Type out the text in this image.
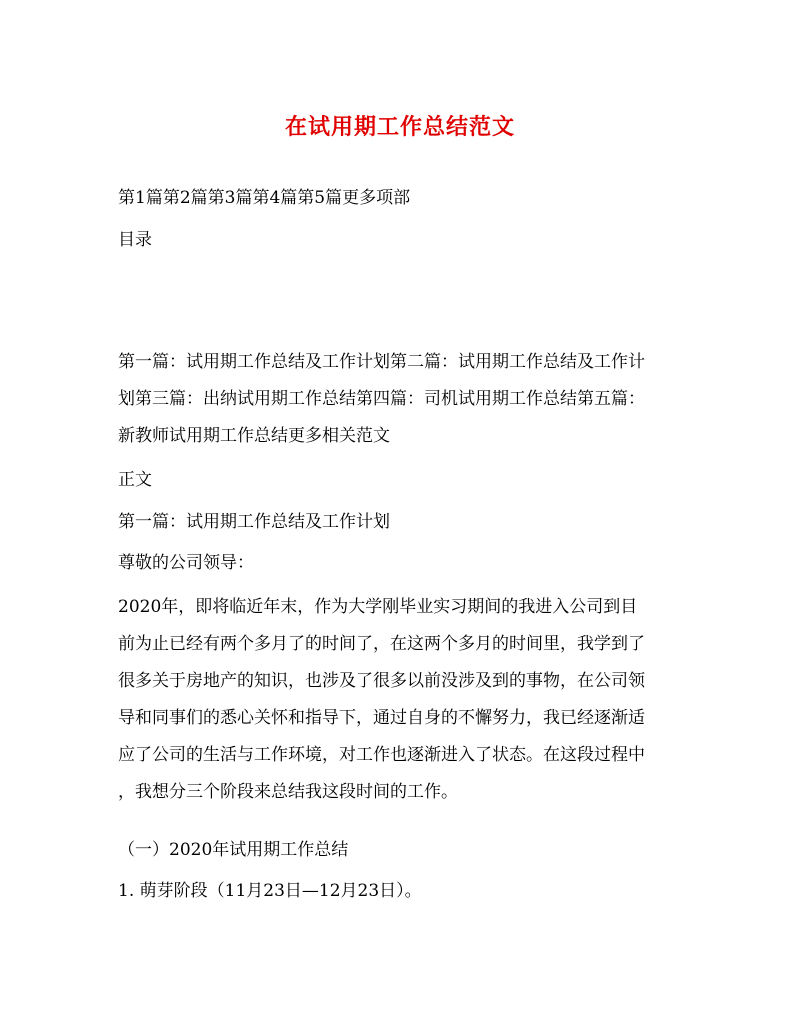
在试用期工作总结范文
第1篇第2篇第3篇第4篇第5篇更多项部
目录
第一篇：试用期工作总结及工作计划第二篇：试用期工作总结及工作计
划第三篇：出纳试用期工作总结第四篇：司机试用期工作总结第五篇：
新教师试用期工作总结更多相关范文
正文
第一篇：试用期工作总结及工作计划
尊敬的公司领导：
2020年，即将临近年末，作为大学刚毕业实习期间的我进入公司到目
前为止已经有两个多月了的时间了，在这两个多月的时间里，我学到了
很多关于房地产的知识，也涉及了很多以前没涉及到的事物，在公司领
导和同事们的悉心关怀和指导下，通过自身的不懈努力，我已经逐渐适
应了公司的生活与工作环境，对工作也逐渐进入了状态。在这段过程中
，我想分三个阶段来总结我这段时间的工作。
（一）2020年试用期工作总结
1. 萌芽阶段（11月23日—12月23日）。
